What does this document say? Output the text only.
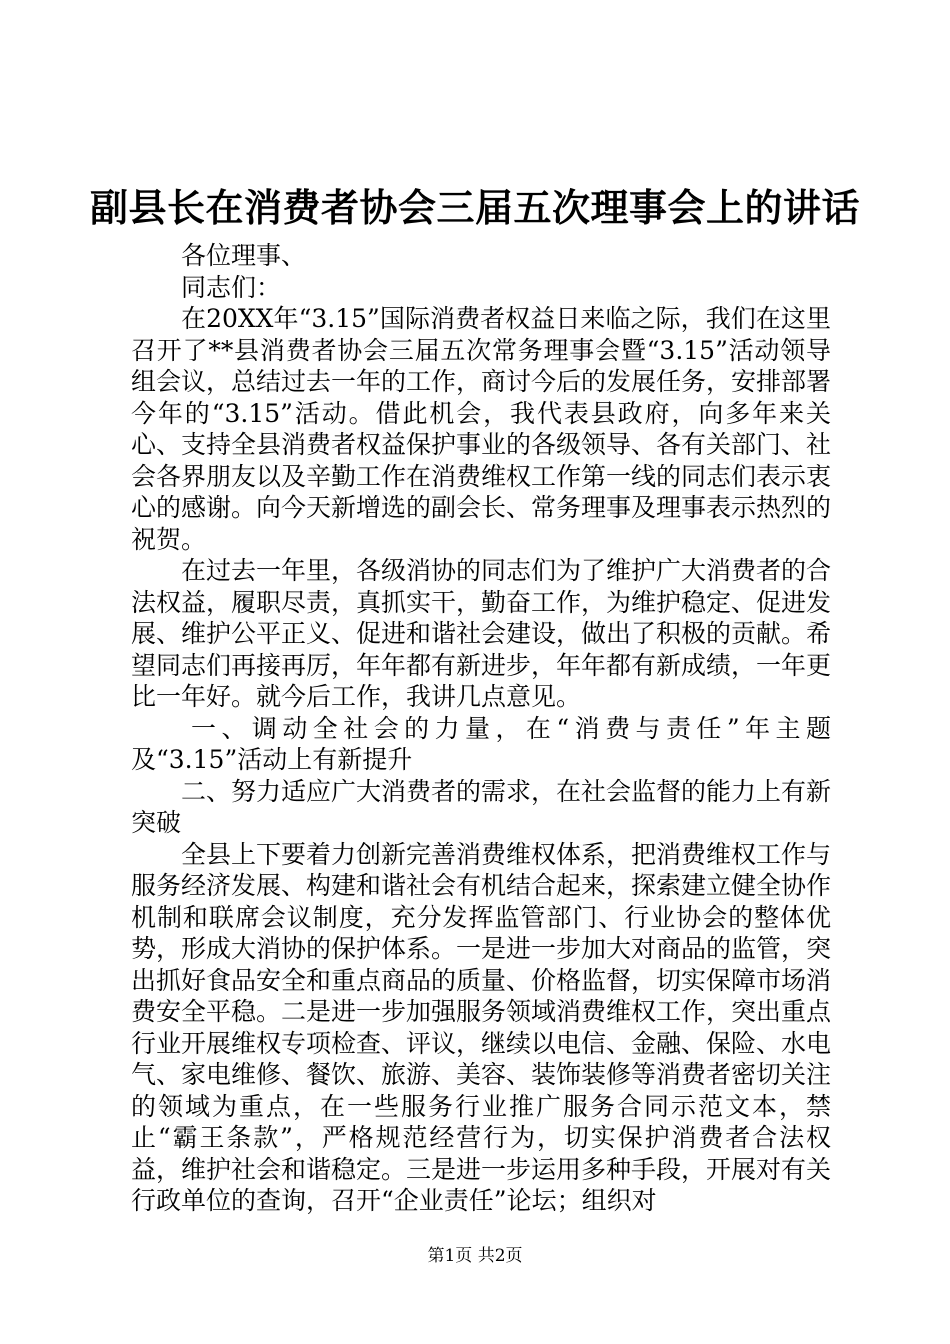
副县长在消费者协会三届五次理事会上的讲话

各位理事、

同志们：

在20XX年“3.15”国际消费者权益日来临之际，我们在这里召开了**县消费者协会三届五次常务理事会暨“3.15”活动领导组会议，总结过去一年的工作，商讨今后的发展任务，安排部署今年的“3.15”活动。借此机会，我代表县政府，向多年来关心、支持全县消费者权益保护事业的各级领导、各有关部门、社会各界朋友以及辛勤工作在消费维权工作第一线的同志们表示衷心的感谢。向今天新增选的副会长、常务理事及理事表示热烈的祝贺。

在过去一年里，各级消协的同志们为了维护广大消费者的合法权益，履职尽责，真抓实干，勤奋工作，为维护稳定、促进发展、维护公平正义、促进和谐社会建设，做出了积极的贡献。希望同志们再接再厉，年年都有新进步，年年都有新成绩，一年更比一年好。就今后工作，我讲几点意见。

一、调动全社会的力量，在“消费与责任”年主题及“3.15”活动上有新提升

二、努力适应广大消费者的需求，在社会监督的能力上有新突破

全县上下要着力创新完善消费维权体系，把消费维权工作与服务经济发展、构建和谐社会有机结合起来，探索建立健全协作机制和联席会议制度，充分发挥监管部门、行业协会的整体优势，形成大消协的保护体系。一是进一步加大对商品的监管，突出抓好食品安全和重点商品的质量、价格监督，切实保障市场消费安全平稳。二是进一步加强服务领域消费维权工作，突出重点行业开展维权专项检查、评议，继续以电信、金融、保险、水电气、家电维修、餐饮、旅游、美容、装饰装修等消费者密切关注的领域为重点，在一些服务行业推广服务合同示范文本，禁止“霸王条款”，严格规范经营行为，切实保护消费者合法权益，维护社会和谐稳定。三是进一步运用多种手段，开展对有关行政单位的查询，召开“企业责任”论坛；组织对

第1页 共2页
